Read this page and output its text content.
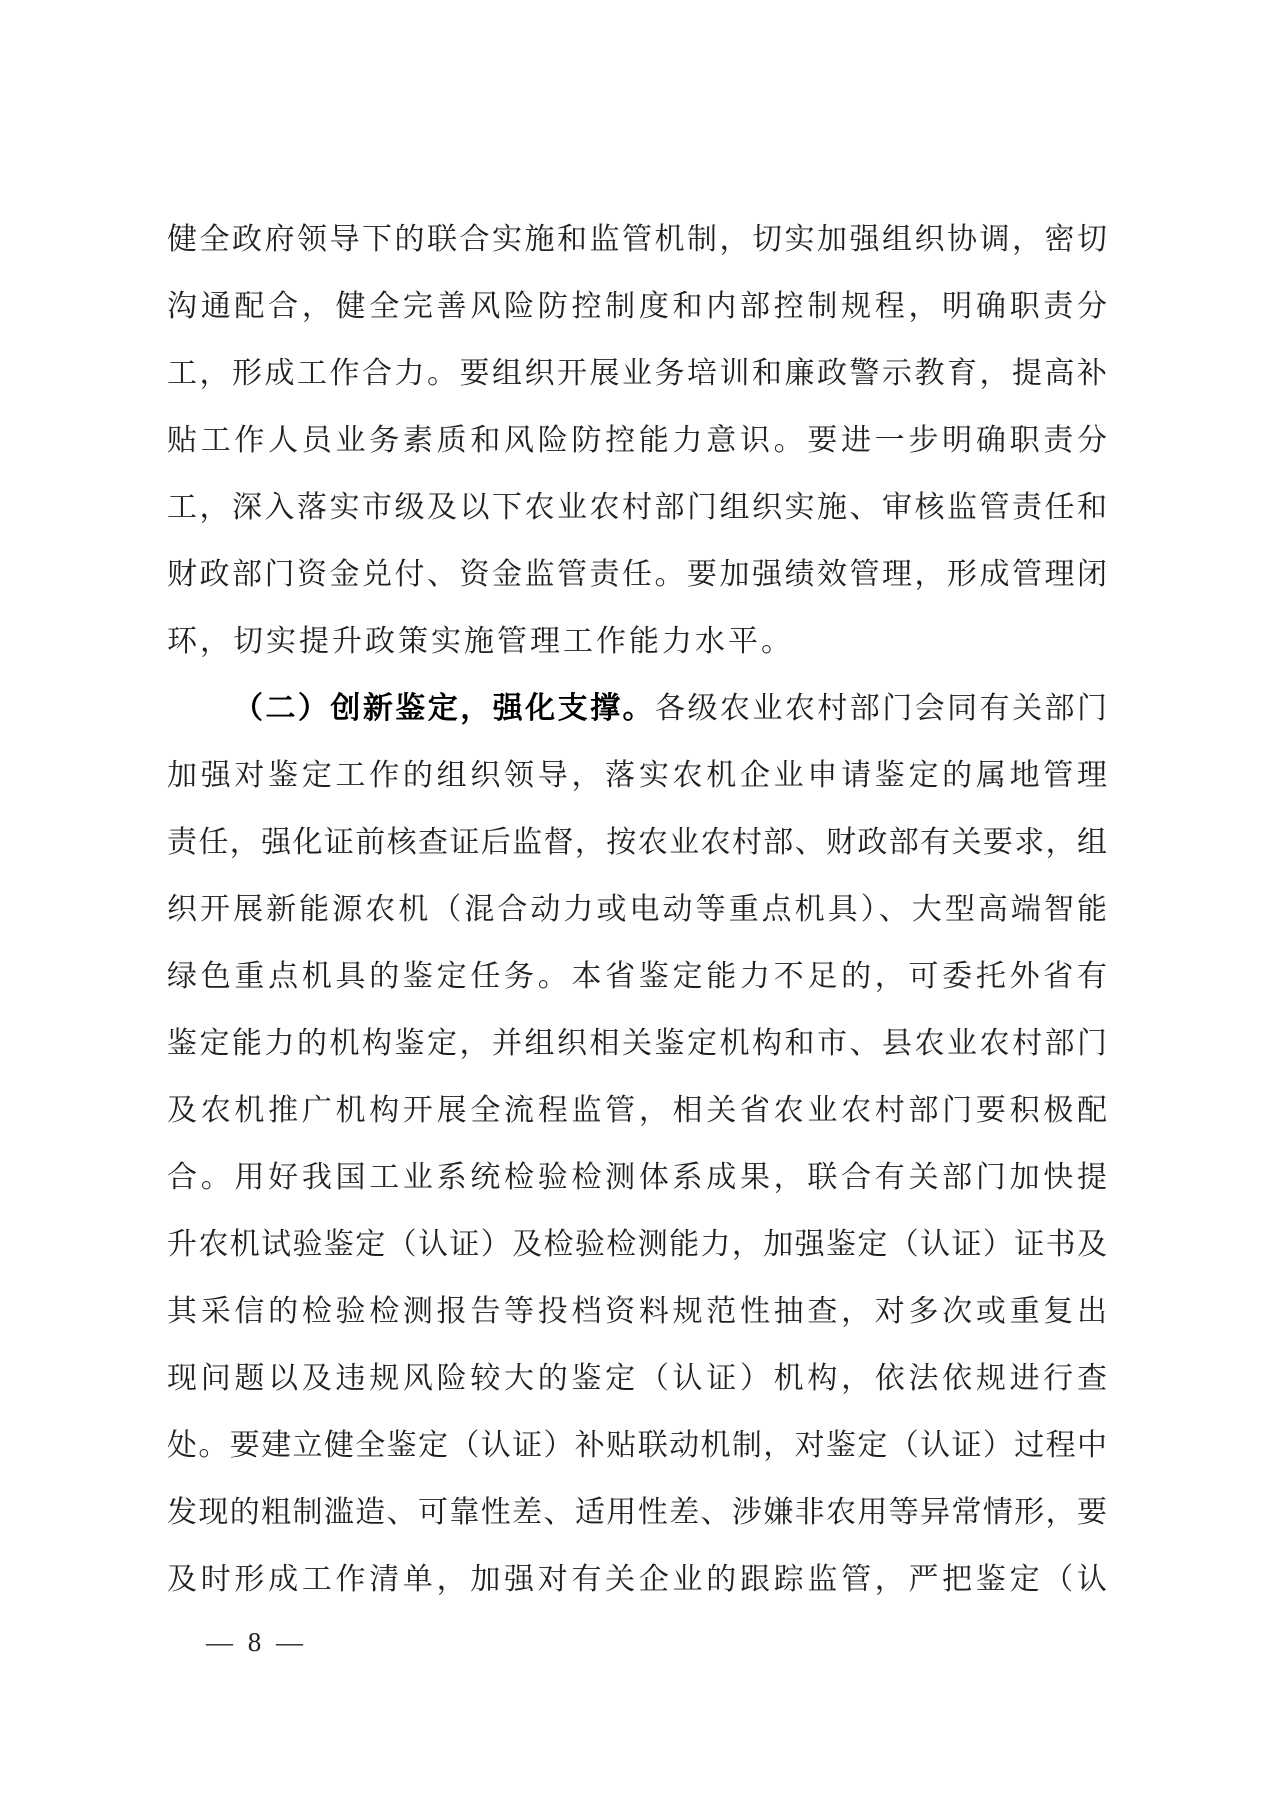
健全政府领导下的联合实施和监管机制，切实加强组织协调，密切
沟通配合，健全完善风险防控制度和内部控制规程，明确职责分
工，形成工作合力。要组织开展业务培训和廉政警示教育，提高补
贴工作人员业务素质和风险防控能力意识。要进一步明确职责分
工，深入落实市级及以下农业农村部门组织实施、审核监管责任和
财政部门资金兑付、资金监管责任。要加强绩效管理，形成管理闭
环，切实提升政策实施管理工作能力水平。
（二）创新鉴定，强化支撑。各级农业农村部门会同有关部门
加强对鉴定工作的组织领导，落实农机企业申请鉴定的属地管理
责任，强化证前核查证后监督，按农业农村部、财政部有关要求，组
织开展新能源农机（混合动力或电动等重点机具）、大型高端智能
绿色重点机具的鉴定任务。本省鉴定能力不足的，可委托外省有
鉴定能力的机构鉴定，并组织相关鉴定机构和市、县农业农村部门
及农机推广机构开展全流程监管，相关省农业农村部门要积极配
合。用好我国工业系统检验检测体系成果，联合有关部门加快提
升农机试验鉴定（认证）及检验检测能力，加强鉴定（认证）证书及
其采信的检验检测报告等投档资料规范性抽查，对多次或重复出
现问题以及违规风险较大的鉴定（认证）机构，依法依规进行查
处。要建立健全鉴定（认证）补贴联动机制，对鉴定（认证）过程中
发现的粗制滥造、可靠性差、适用性差、涉嫌非农用等异常情形，要
及时形成工作清单，加强对有关企业的跟踪监管，严把鉴定（认
— 8 —
